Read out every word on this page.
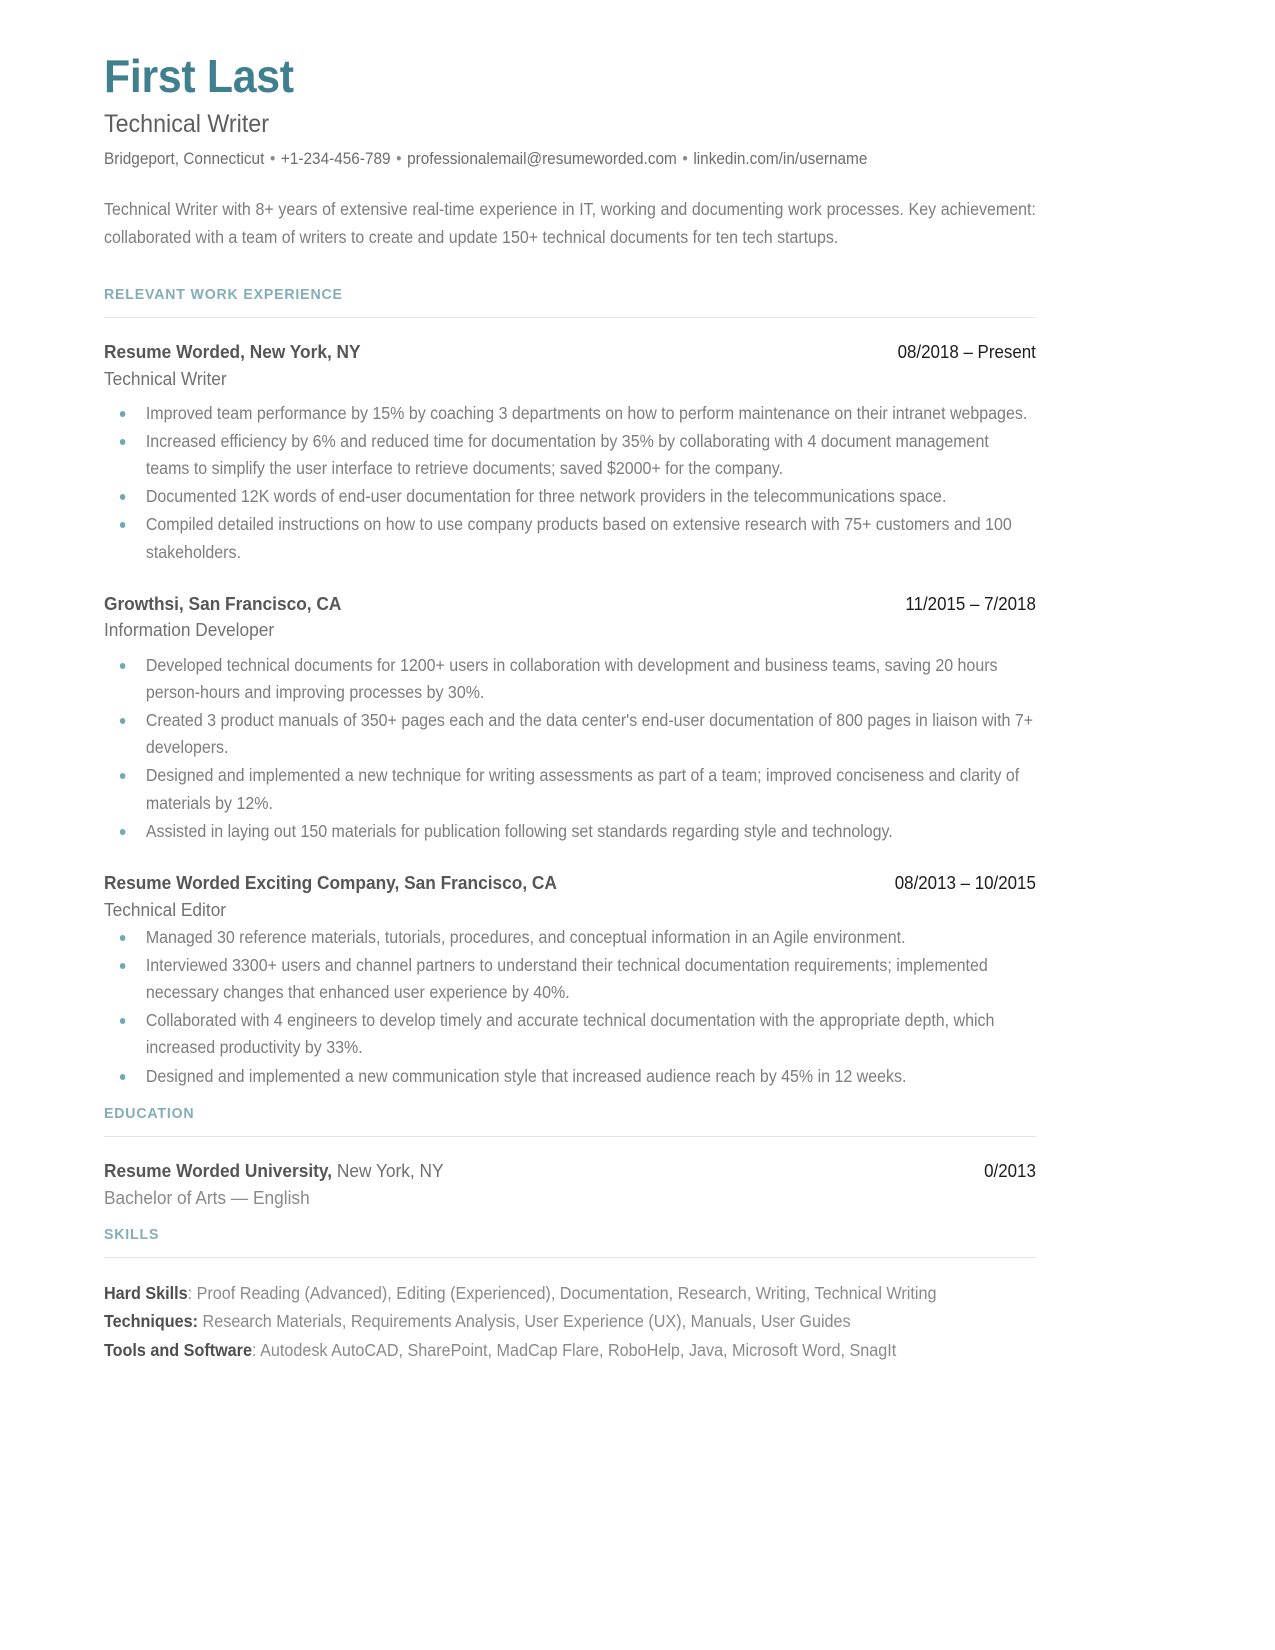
First Last
Technical Writer
Bridgeport, Connecticut • +1-234-456-789 • professionalemail@resumeworded.com • linkedin.com/in/username

Technical Writer with 8+ years of extensive real-time experience in IT, working and documenting work processes. Key achievement: collaborated with a team of writers to create and update 150+ technical documents for ten tech startups.

RELEVANT WORK EXPERIENCE
Resume Worded, New York, NY	08/2018 – Present
Technical Writer
Improved team performance by 15% by coaching 3 departments on how to perform maintenance on their intranet webpages.
Increased efficiency by 6% and reduced time for documentation by 35% by collaborating with 4 document management teams to simplify the user interface to retrieve documents; saved $2000+ for the company.
Documented 12K words of end-user documentation for three network providers in the telecommunications space.
Compiled detailed instructions on how to use company products based on extensive research with 75+ customers and 100 stakeholders.
Growthsi, San Francisco, CA	11/2015 – 7/2018
Information Developer
Developed technical documents for 1200+ users in collaboration with development and business teams, saving 20 hours person-hours and improving processes by 30%.
Created 3 product manuals of 350+ pages each and the data center's end-user documentation of 800 pages in liaison with 7+ developers.
Designed and implemented a new technique for writing assessments as part of a team; improved conciseness and clarity of materials by 12%.
Assisted in laying out 150 materials for publication following set standards regarding style and technology.
Resume Worded Exciting Company, San Francisco, CA	08/2013 – 10/2015
Technical Editor
Managed 30 reference materials, tutorials, procedures, and conceptual information in an Agile environment.
Interviewed 3300+ users and channel partners to understand their technical documentation requirements; implemented necessary changes that enhanced user experience by 40%.
Collaborated with 4 engineers to develop timely and accurate technical documentation with the appropriate depth, which increased productivity by 33%.
Designed and implemented a new communication style that increased audience reach by 45% in 12 weeks.
EDUCATION
Resume Worded University, New York, NY	0/2013
Bachelor of Arts — English
SKILLS
Hard Skills: Proof Reading (Advanced), Editing (Experienced), Documentation, Research, Writing, Technical Writing
Techniques: Research Materials, Requirements Analysis, User Experience (UX), Manuals, User Guides
Tools and Software: Autodesk AutoCAD, SharePoint, MadCap Flare, RoboHelp, Java, Microsoft Word, SnagIt
